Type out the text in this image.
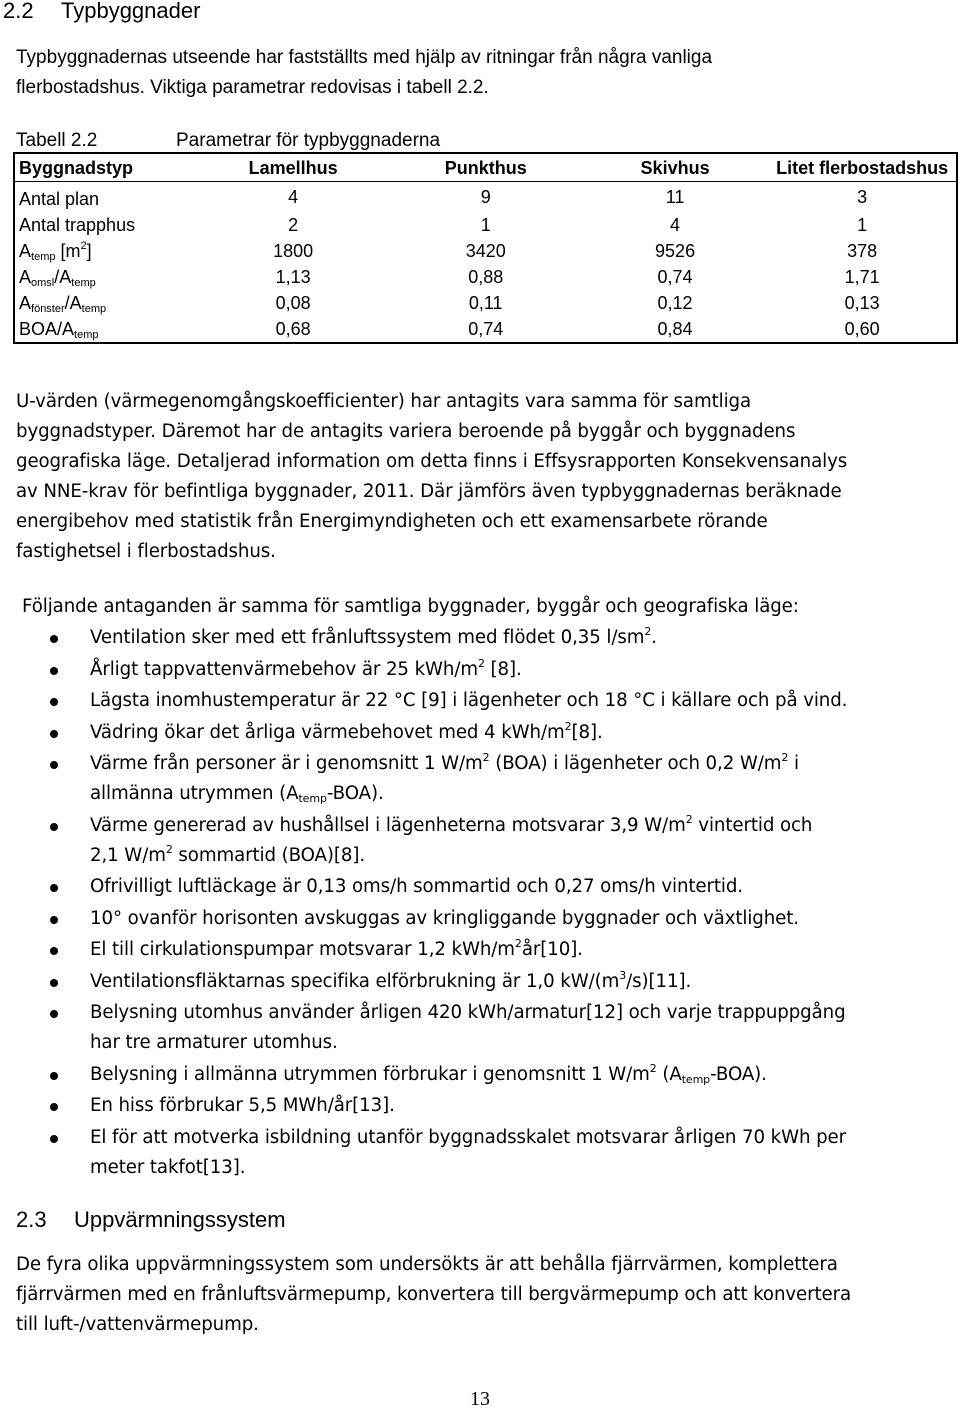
2.2 Typbyggnader
Typbyggnadernas utseende har fastställts med hjälp av ritningar från några vanliga
flerbostadshus. Viktiga parametrar redovisas i tabell 2.2.
Tabell 2.2	Parametrar för typbyggnaderna
Byggnadstyp	Lamellhus	Punkthus	Skivhus	Litet flerbostadshus
Antal plan	4	9	11	3
Antal trapphus	2	1	4	1
$A_{temp}$ $[m^2]$	1800	3420	9526	378
$A_{omsl}/A_{temp}$	1,13	0,88	0,74	1,71
$A_{fönster}/A_{temp}$	0,08	0,11	0,12	0,13
BOA/$A_{temp}$	0,68	0,74	0,84	0,60
U-värden (värmegenomgångskoefficienter) har antagits vara samma för samtliga
byggnadstyper. Däremot har de antagits variera beroende på byggår och byggnadens
geografiska läge. Detaljerad information om detta finns i Effsysrapporten Konsekvensanalys
av NNE-krav för befintliga byggnader, 2011. Där jämförs även typbyggnadernas beräknade
energibehov med statistik från Energimyndigheten och ett examensarbete rörande
fastighetsel i flerbostadshus.
Följande antaganden är samma för samtliga byggnader, byggår och geografiska läge:
Ventilation sker med ett frånluftssystem med flödet 0,35 $l/sm^2$.
Årligt tappvattenvärmebehov är 25 kWh/$m^2$ [8].
Lägsta inomhustemperatur är 22 °C [9] i lägenheter och 18 °C i källare och på vind.
Vädring ökar det årliga värmebehovet med 4 kWh/$m^2[8]$.
Värme från personer är i genomsnitt 1 $W/m^2$ (BOA) i lägenheter och 0,2 $W/m^2$ i
allmänna utrymmen $(A_{temp}-BOA)$.
Värme genererad av hushållsel i lägenheterna motsvarar 3,9 $W/m^2$ vintertid och
2,1 $W/m^2$ sommartid (BOA)[8].
Ofrivilligt luftläckage är 0,13 oms/h sommartid och 0,27 oms/h vintertid.
10° ovanför horisonten avskuggas av kringliggande byggnader och växtlighet.
El till cirkulationspumpar motsvarar 1,2 kWh/$m^2år[10]$.
Ventilationsfläktarnas specifika elförbrukning är 1,0 $kW/(m^3/s)[11]$.
Belysning utomhus använder årligen 420 kWh/armatur[12] och varje trappuppgång
har tre armaturer utomhus.
Belysning i allmänna utrymmen förbrukar i genomsnitt 1 $W/m^2$ $(A_{temp}-BOA)$.
En hiss förbrukar 5,5 MWh/år[13].
El för att motverka isbildning utanför byggnadsskalet motsvarar årligen 70 kWh per
meter takfot[13].
2.3 Uppvärmningssystem
De fyra olika uppvärmningssystem som undersökts är att behålla fjärrvärmen, komplettera
fjärrvärmen med en frånluftsvärmepump, konvertera till bergvärmepump och att konvertera
till luft-/vattenvärmepump.
13
